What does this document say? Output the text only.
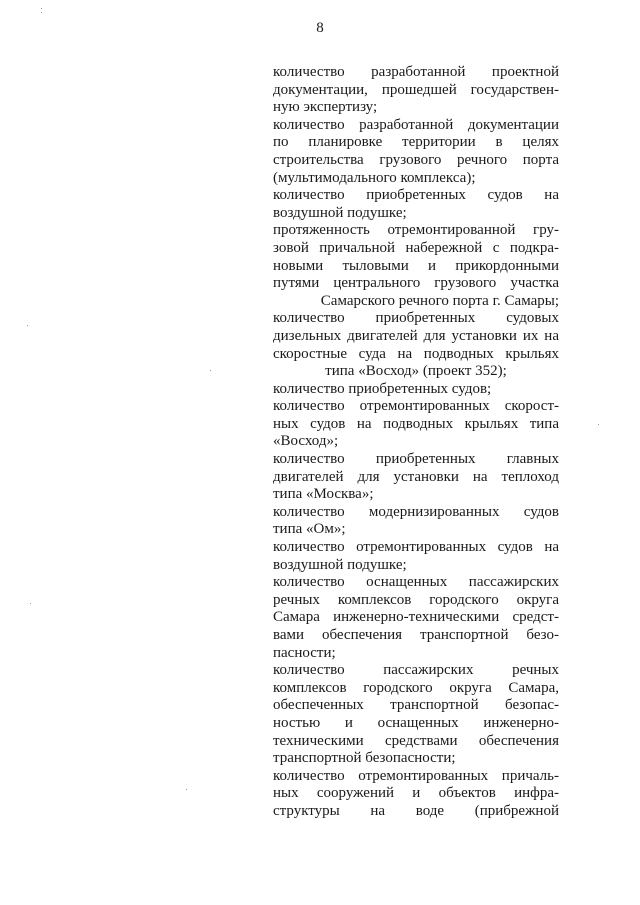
8
количество разработанной проектной
документации, прошедшей государствен-
ную экспертизу;
количество разработанной документации
по планировке территории в целях
строительства грузового речного порта
(мультимодального комплекса);
количество приобретенных судов на
воздушной подушке;
протяженность отремонтированной гру-
зовой причальной набережной с подкра-
новыми тыловыми и прикордонными
путями центрального грузового участка
Самарского речного порта г. Самары;
количество приобретенных судовых
дизельных двигателей для установки их на
скоростные суда на подводных крыльях
типа «Восход» (проект 352);
количество приобретенных судов;
количество отремонтированных скорост-
ных судов на подводных крыльях типа
«Восход»;
количество приобретенных главных
двигателей для установки на теплоход
типа «Москва»;
количество модернизированных судов
типа «Ом»;
количество отремонтированных судов на
воздушной подушке;
количество оснащенных пассажирских
речных комплексов городского округа
Самара инженерно-техническими средст-
вами обеспечения транспортной безо-
пасности;
количество пассажирских речных
комплексов городского округа Самара,
обеспеченных транспортной безопас-
ностью и оснащенных инженерно-
техническими средствами обеспечения
транспортной безопасности;
количество отремонтированных причаль-
ных сооружений и объектов инфра-
структуры на воде (прибрежной
